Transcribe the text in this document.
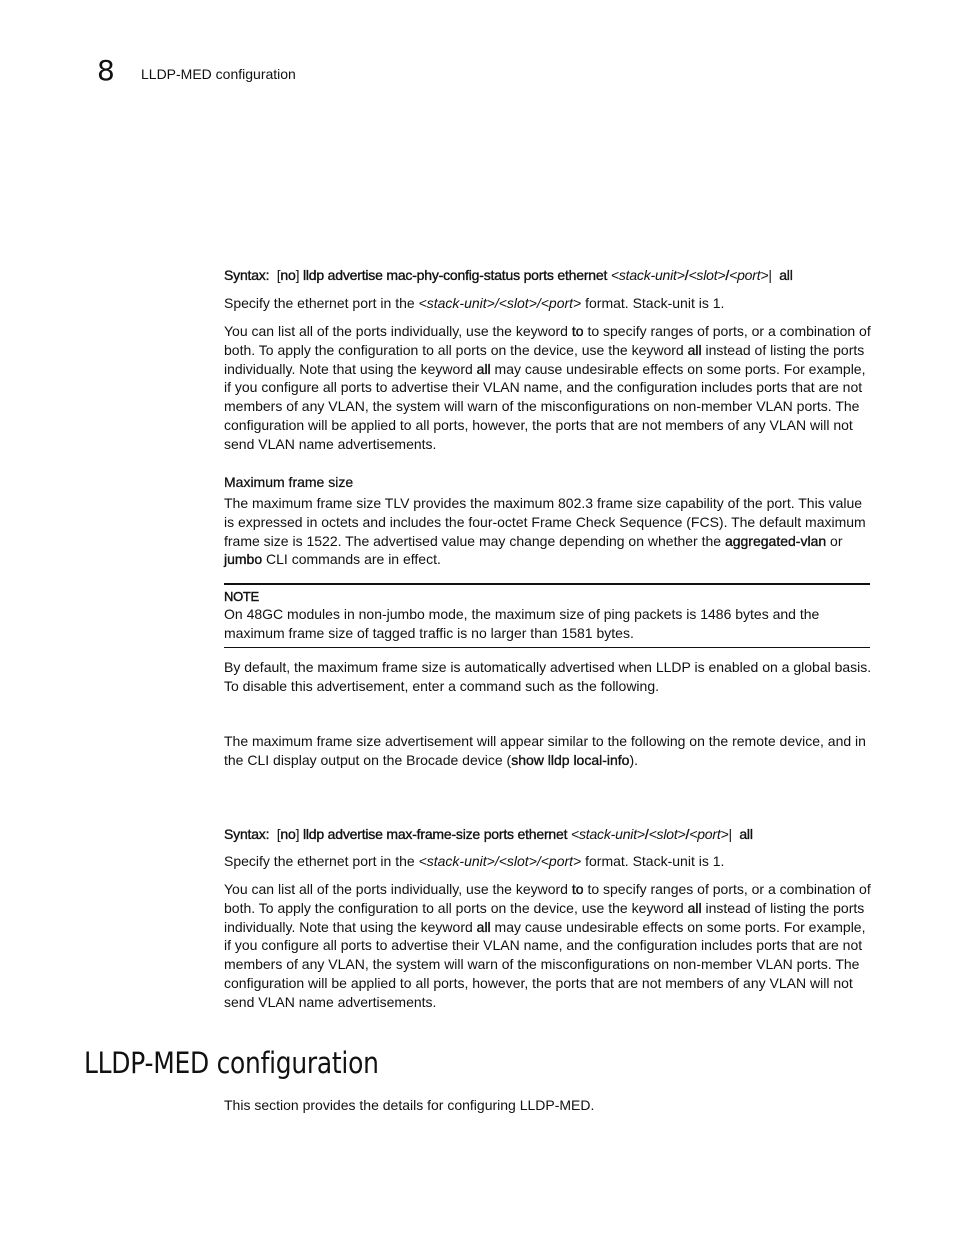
8 LLDP-MED configuration
Syntax: [no] lldp advertise mac-phy-config-status ports ethernet <stack-unit>/<slot>/<port>| all

Specify the ethernet port in the <stack-unit>/<slot>/<port> format. Stack-unit is 1.

You can list all of the ports individually, use the keyword to to specify ranges of ports, or a combination of both. To apply the configuration to all ports on the device, use the keyword all instead of listing the ports individually. Note that using the keyword all may cause undesirable effects on some ports. For example, if you configure all ports to advertise their VLAN name, and the configuration includes ports that are not members of any VLAN, the system will warn of the misconfigurations on non-member VLAN ports. The configuration will be applied to all ports, however, the ports that are not members of any VLAN will not send VLAN name advertisements.

Maximum frame size

The maximum frame size TLV provides the maximum 802.3 frame size capability of the port. This value is expressed in octets and includes the four-octet Frame Check Sequence (FCS). The default maximum frame size is 1522. The advertised value may change depending on whether the aggregated-vlan or jumbo CLI commands are in effect.

NOTE

On 48GC modules in non-jumbo mode, the maximum size of ping packets is 1486 bytes and the maximum frame size of tagged traffic is no larger than 1581 bytes.

By default, the maximum frame size is automatically advertised when LLDP is enabled on a global basis. To disable this advertisement, enter a command such as the following.

The maximum frame size advertisement will appear similar to the following on the remote device, and in the CLI display output on the Brocade device (show lldp local-info).

Syntax: [no] lldp advertise max-frame-size ports ethernet <stack-unit>/<slot>/<port>| all

Specify the ethernet port in the <stack-unit>/<slot>/<port> format. Stack-unit is 1.

You can list all of the ports individually, use the keyword to to specify ranges of ports, or a combination of both. To apply the configuration to all ports on the device, use the keyword all instead of listing the ports individually. Note that using the keyword all may cause undesirable effects on some ports. For example, if you configure all ports to advertise their VLAN name, and the configuration includes ports that are not members of any VLAN, the system will warn of the misconfigurations on non-member VLAN ports. The configuration will be applied to all ports, however, the ports that are not members of any VLAN will not send VLAN name advertisements.

LLDP-MED configuration

This section provides the details for configuring LLDP-MED.
